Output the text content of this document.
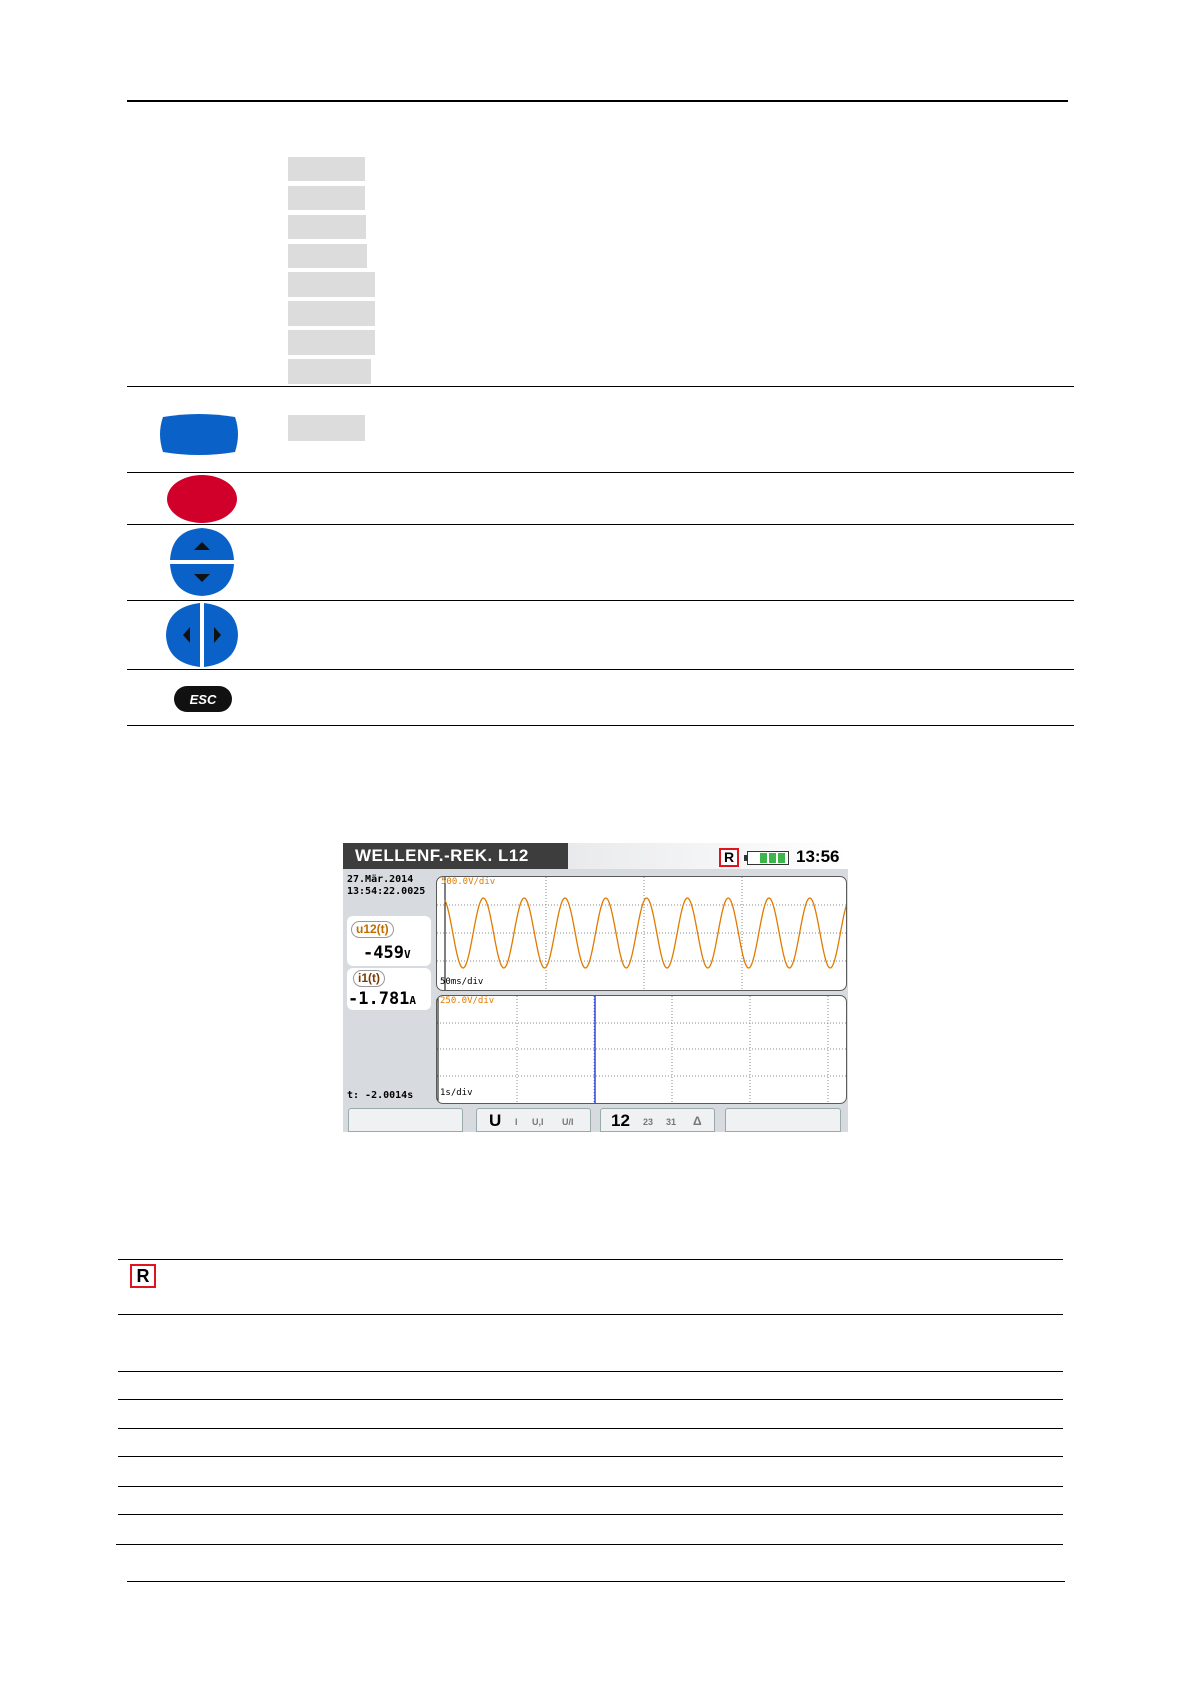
ESC
WELLENF.-REK. L12	R	13:56
27.Mär.2014
13:54:22.0025
u12(t)
-459V
i1(t)
-1.781A
t: -2.0014s
500.0V/div
50ms/div
250.0V/div
1s/div
U I U,I U/I 12 23 31 Δ
R
